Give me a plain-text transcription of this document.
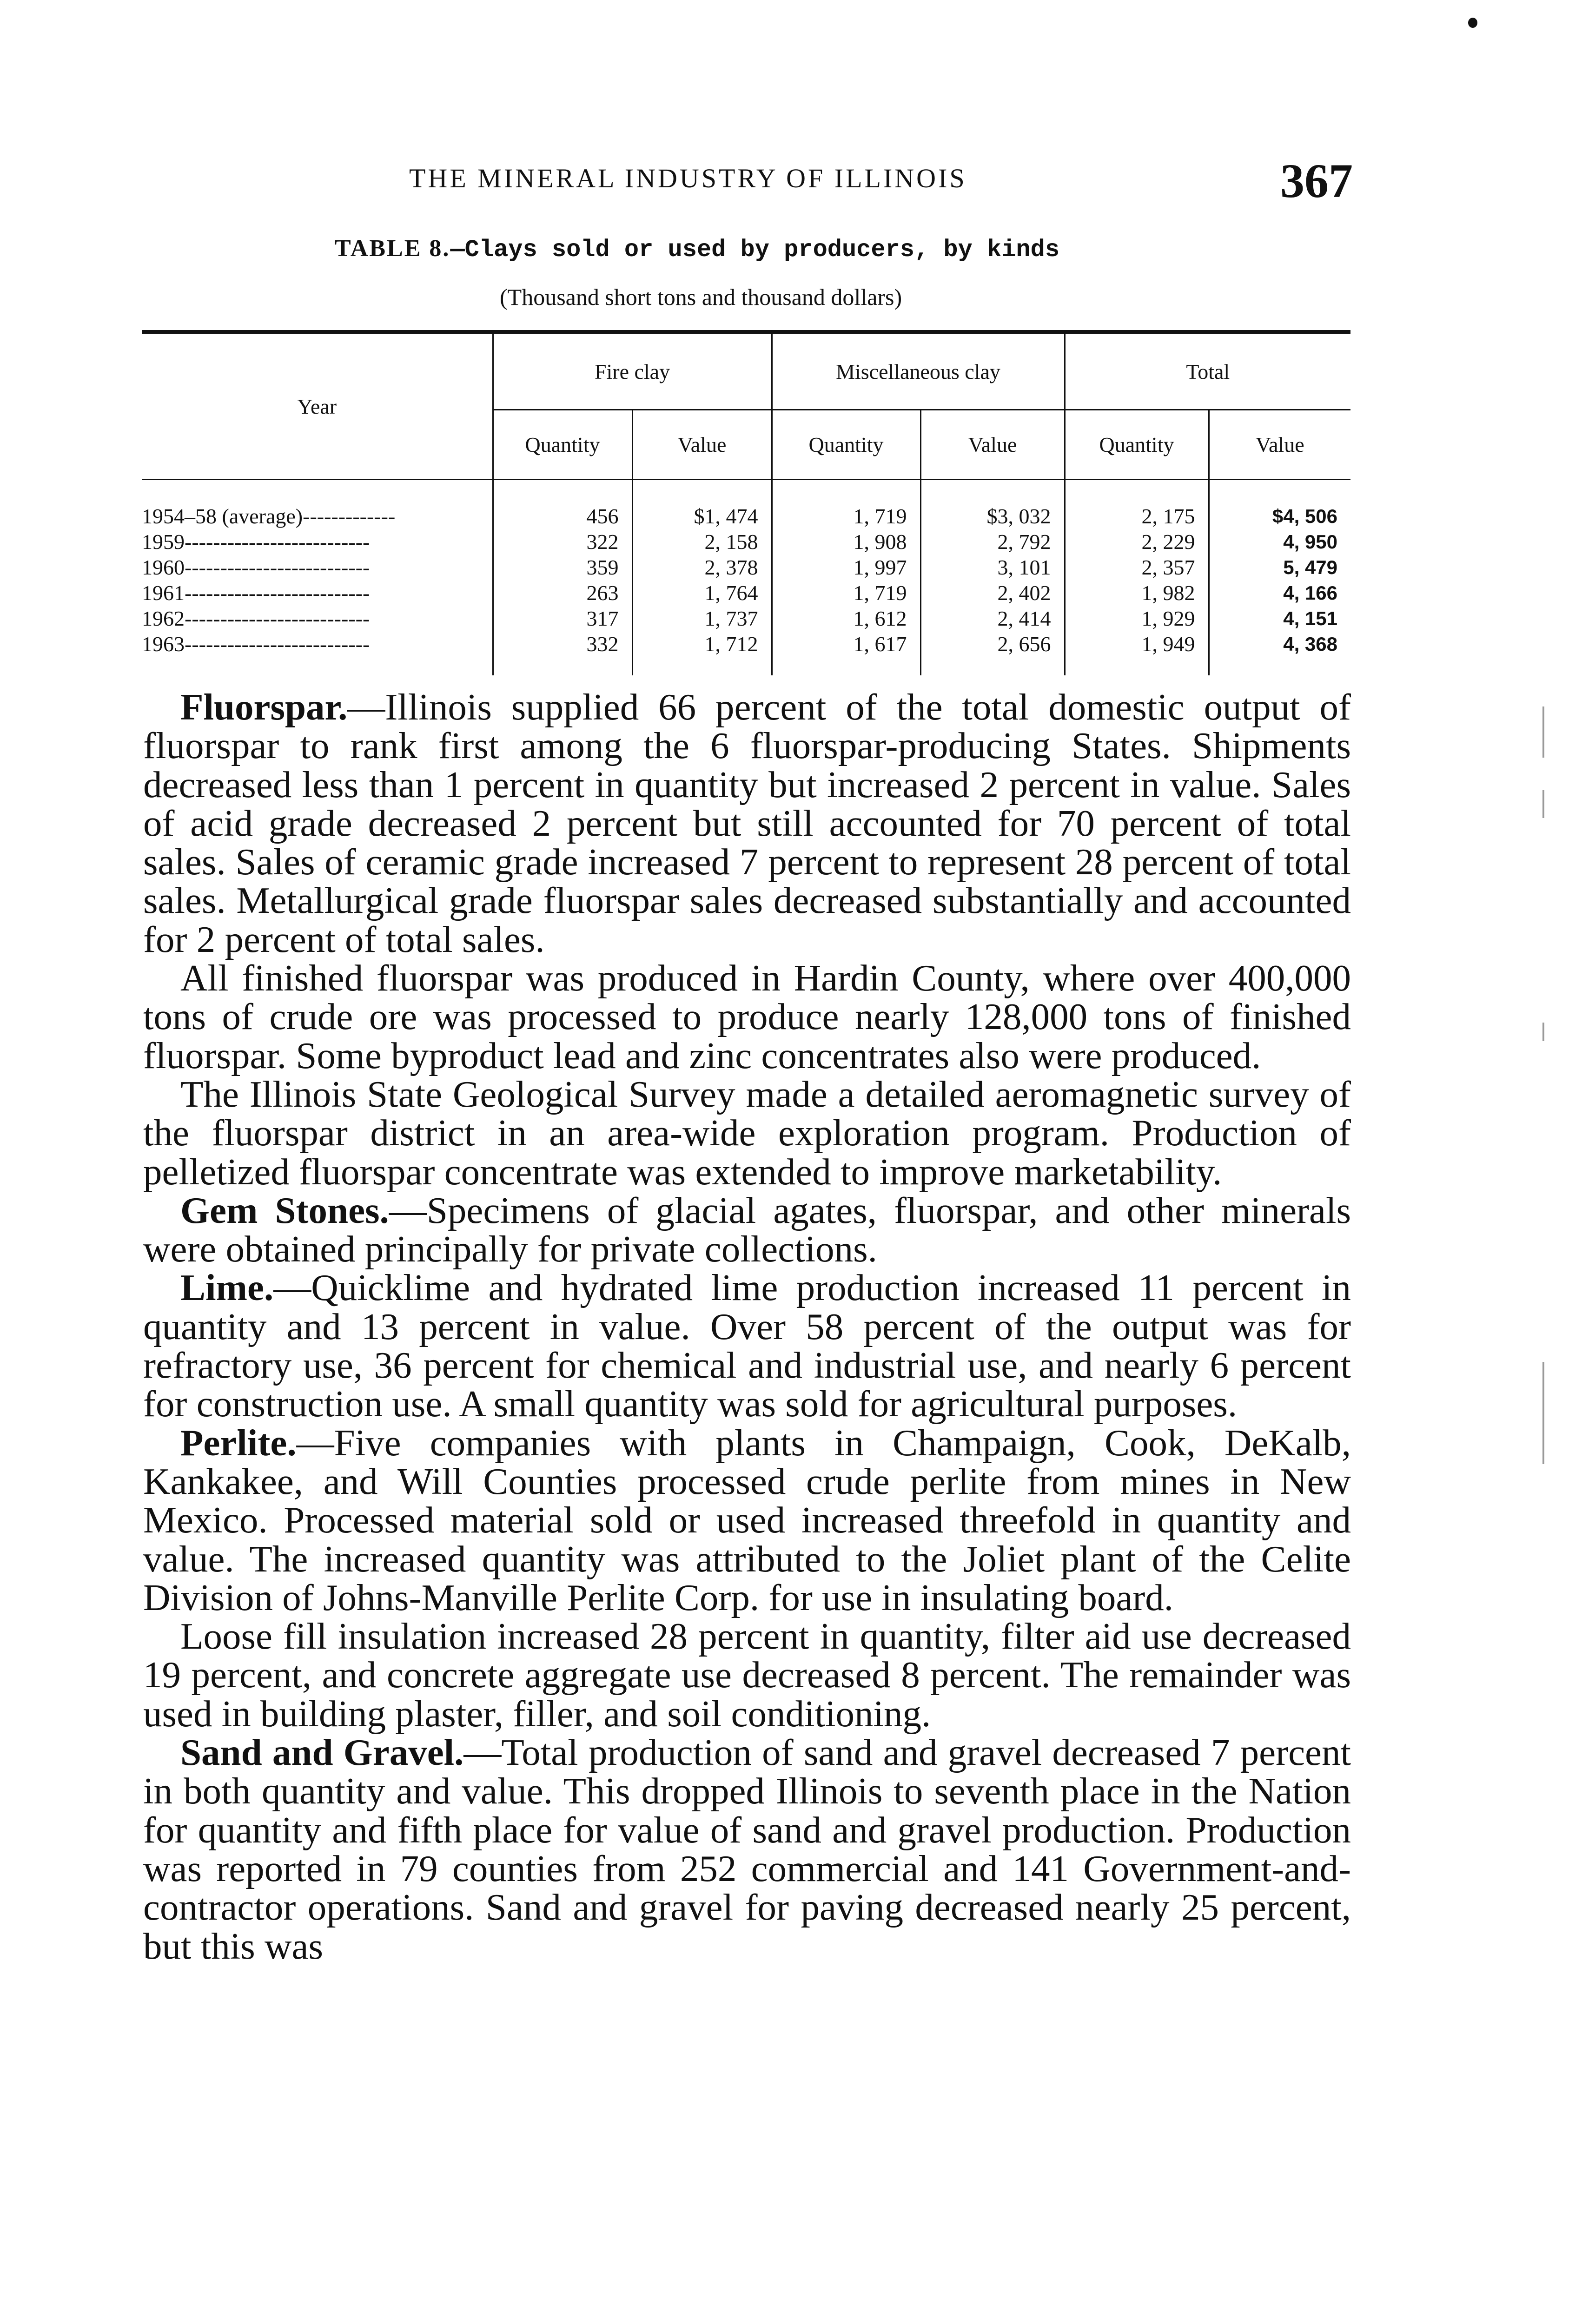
THE MINERAL INDUSTRY OF ILLINOIS	367
TABLE 8.—Clays sold or used by producers, by kinds
(Thousand short tons and thousand dollars)
Year	Fire clay		Miscellaneous clay		Total	
	Quantity	Value	Quantity	Value	Quantity	Value
1954–58 (average)-------------	456	$1, 474	1, 719	$3, 032	2, 175	$4, 506
1959--------------------------	322	2, 158	1, 908	2, 792	2, 229	4, 950
1960--------------------------	359	2, 378	1, 997	3, 101	2, 357	5, 479
1961--------------------------	263	1, 764	1, 719	2, 402	1, 982	4, 166
1962--------------------------	317	1, 737	1, 612	2, 414	1, 929	4, 151
1963--------------------------	332	1, 712	1, 617	2, 656	1, 949	4, 368

Fluorspar.—Illinois supplied 66 percent of the total domestic output of fluorspar to rank first among the 6 fluorspar-producing States. Shipments decreased less than 1 percent in quantity but increased 2 percent in value. Sales of acid grade decreased 2 percent but still accounted for 70 percent of total sales. Sales of ceramic grade increased 7 percent to represent 28 percent of total sales. Metallurgical grade fluorspar sales decreased substantially and accounted for 2 percent of total sales.

All finished fluorspar was produced in Hardin County, where over 400,000 tons of crude ore was processed to produce nearly 128,000 tons of finished fluorspar. Some byproduct lead and zinc concentrates also were produced.

The Illinois State Geological Survey made a detailed aeromagnetic survey of the fluorspar district in an area-wide exploration program. Production of pelletized fluorspar concentrate was extended to improve marketability.

Gem Stones.—Specimens of glacial agates, fluorspar, and other minerals were obtained principally for private collections.

Lime.—Quicklime and hydrated lime production increased 11 percent in quantity and 13 percent in value. Over 58 percent of the output was for refractory use, 36 percent for chemical and industrial use, and nearly 6 percent for construction use. A small quantity was sold for agricultural purposes.

Perlite.—Five companies with plants in Champaign, Cook, DeKalb, Kankakee, and Will Counties processed crude perlite from mines in New Mexico. Processed material sold or used increased threefold in quantity and value. The increased quantity was attributed to the Joliet plant of the Celite Division of Johns-Manville Perlite Corp. for use in insulating board.

Loose fill insulation increased 28 percent in quantity, filter aid use decreased 19 percent, and concrete aggregate use decreased 8 percent. The remainder was used in building plaster, filler, and soil conditioning.

Sand and Gravel.—Total production of sand and gravel decreased 7 percent in both quantity and value. This dropped Illinois to seventh place in the Nation for quantity and fifth place for value of sand and gravel production. Production was reported in 79 counties from 252 commercial and 141 Government-and-contractor operations. Sand and gravel for paving decreased nearly 25 percent, but this was
